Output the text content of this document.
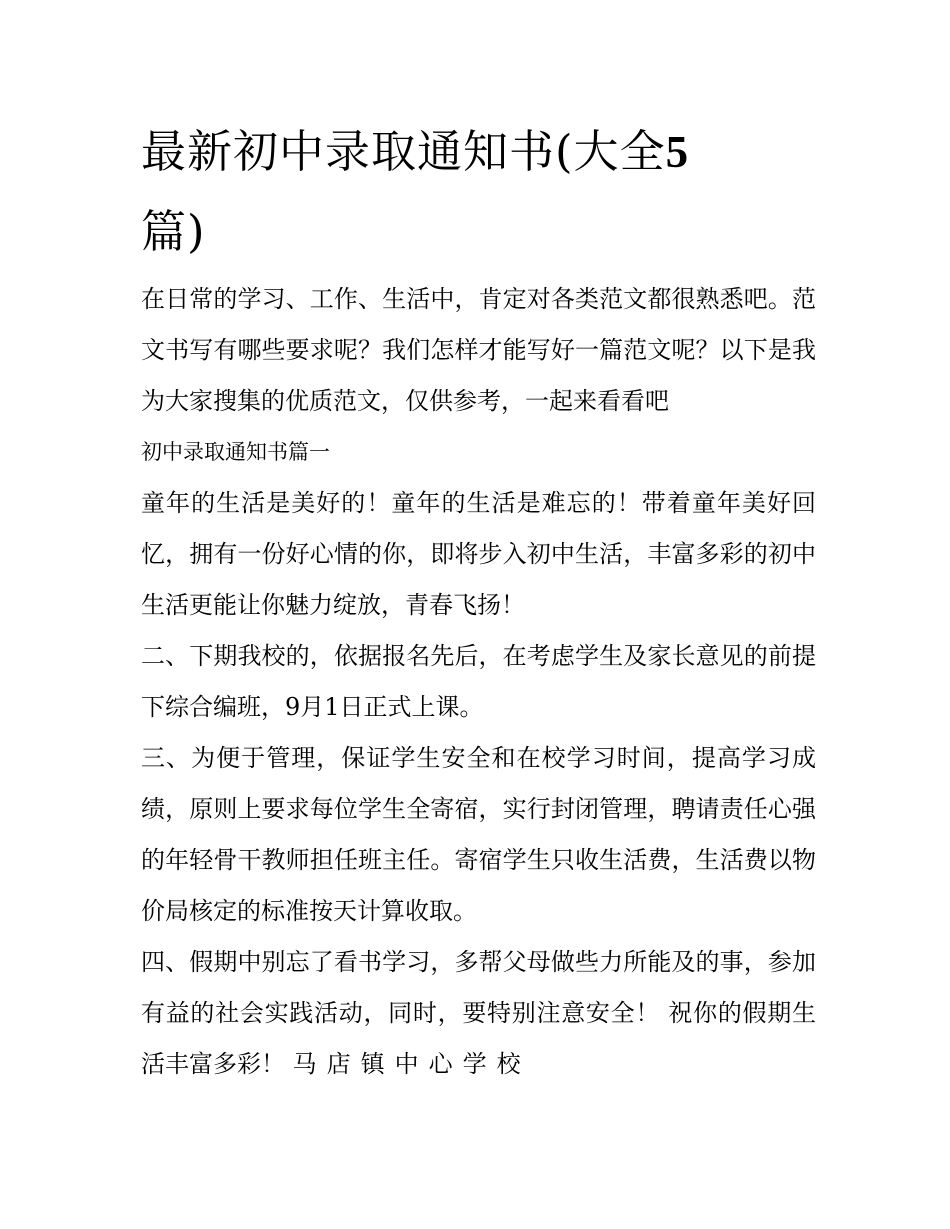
最新初中录取通知书(大全5
篇)

在日常的学习、工作、生活中，肯定对各类范文都很熟悉吧。范文书写有哪些要求呢？我们怎样才能写好一篇范文呢？以下是我为大家搜集的优质范文，仅供参考，一起来看看吧

初中录取通知书篇一

童年的生活是美好的！童年的生活是难忘的！带着童年美好回忆，拥有一份好心情的你，即将步入初中生活，丰富多彩的初中生活更能让你魅力绽放，青春飞扬！

二、下期我校的，依据报名先后，在考虑学生及家长意见的前提下综合编班，9月1日正式上课。

三、为便于管理，保证学生安全和在校学习时间，提高学习成绩，原则上要求每位学生全寄宿，实行封闭管理，聘请责任心强的年轻骨干教师担任班主任。寄宿学生只收生活费，生活费以物价局核定的标准按天计算收取。

四、假期中别忘了看书学习，多帮父母做些力所能及的事，参加有益的社会实践活动，同时，要特别注意安全！ 祝你的假期生活丰富多彩！ 马店镇中心学校
